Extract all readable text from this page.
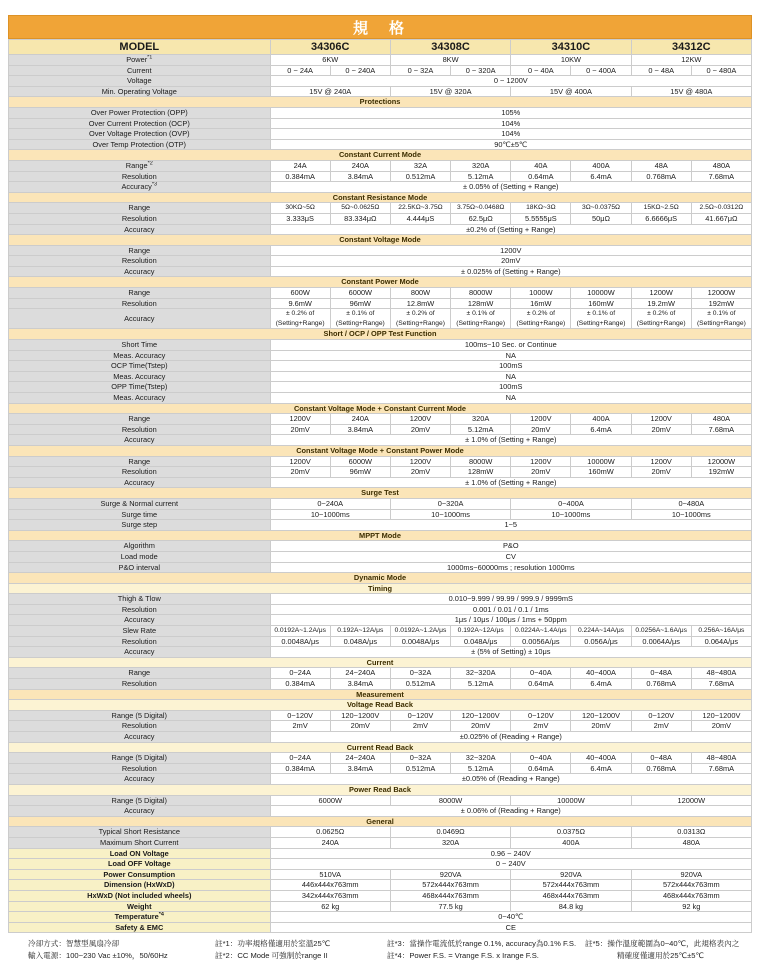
規　格
MODEL	34306C		34308C		34310C		34312C	
Power$^{*1}$	6KW		8KW		10KW		12KW	
Current	0 ~ 24A	0 ~ 240A	0 ~ 32A	0 ~ 320A	0 ~ 40A	0 ~ 400A	0 ~ 48A	0 ~ 480A
Voltage	0 ~ 1200V							
Min. Operating Voltage	15V @ 240A		15V @ 320A		15V @ 400A		15V @ 480A	
Protections								
Over Power Protection (OPP)	105%							
Over Current Protection (OCP)	104%							
Over Voltage Protection (OVP)	104%							
Over Temp Protection (OTP)	90℃±5℃							
Constant Current Mode								
Range$^{*2}$	24A	240A	32A	320A	40A	400A	48A	480A
Resolution	0.384mA	3.84mA	0.512mA	5.12mA	0.64mA	6.4mA	0.768mA	7.68mA
Accuracy$^{*3}$	± 0.05% of (Setting + Range)							
Constant Resistance Mode								
Range	30KΩ~5Ω	5Ω~0.0625Ω	22.5KΩ~3.75Ω	3.75Ω~0.0468Ω	18KΩ~3Ω	3Ω~0.0375Ω	15KΩ~2.5Ω	2.5Ω~0.0312Ω
Resolution	3.333μS	83.334μΩ	4.444μS	62.5μΩ	5.5555μS	50μΩ	6.6666μS	41.667μΩ
Accuracy	±0.2% of (Setting + Range)							
Constant Voltage Mode								
Range	1200V							
Resolution	20mV							
Accuracy	± 0.025% of (Setting + Range)							
Constant Power Mode								
Range	600W	6000W	800W	8000W	1000W	10000W	1200W	12000W
Resolution	9.6mW	96mW	12.8mW	128mW	16mW	160mW	19.2mW	192mW
Accuracy	± 0.2% of
(Setting+Range)	± 0.1% of
(Setting+Range)	± 0.2% of
(Setting+Range)	± 0.1% of
(Setting+Range)	± 0.2% of
(Setting+Range)	± 0.1% of
(Setting+Range)	± 0.2% of
(Setting+Range)	± 0.1% of
(Setting+Range)
Short / OCP / OPP Test Function								
Short Time	100ms~10 Sec. or Continue							
Meas. Accuracy	NA							
OCP Time(Tstep)	100mS							
Meas. Accuracy	NA							
OPP Time(Tstep)	100mS							
Meas. Accuracy	NA							
Constant Voltage Mode + Constant Current Mode								
Range	1200V	240A	1200V	320A	1200V	400A	1200V	480A
Resolution	20mV	3.84mA	20mV	5.12mA	20mV	6.4mA	20mV	7.68mA
Accuracy	± 1.0% of (Setting + Range)							
Constant Voltage Mode + Constant Power Mode								
Range	1200V	6000W	1200V	8000W	1200V	10000W	1200V	12000W
Resolution	20mV	96mW	20mV	128mW	20mV	160mW	20mV	192mW
Accuracy	± 1.0% of (Setting + Range)							
Surge Test								
Surge & Normal current	0~240A		0~320A		0~400A		0~480A	
Surge time	10~1000ms		10~1000ms		10~1000ms		10~1000ms	
Surge step	1~5							
MPPT Mode								
Algorithm	P&O							
Load mode	CV							
P&O interval	1000ms~60000ms ; resolution 1000ms							
Dynamic Mode								
Timing								
Thigh & Tlow	0.010~9.999 / 99.99 / 999.9 / 9999mS							
Resolution	0.001 / 0.01 / 0.1 / 1ms							
Accuracy	1μs / 10μs / 100μs / 1ms + 50ppm							
Slew Rate	0.0192A~1.2A/μs	0.192A~12A/μs	0.0192A~1.2A/μs	0.192A~12A/μs	0.0224A~1.4A/μs	0.224A~14A/μs	0.0256A~1.6A/μs	0.256A~16A/μs
Resolution	0.0048A/μs	0.048A/μs	0.0048A/μs	0.048A/μs	0.0056A/μs	0.056A/μs	0.0064A/μs	0.064A/μs
Accuracy	± (5% of Setting) ± 10μs							
Current								
Range	0~24A	24~240A	0~32A	32~320A	0~40A	40~400A	0~48A	48~480A
Resolution	0.384mA	3.84mA	0.512mA	5.12mA	0.64mA	6.4mA	0.768mA	7.68mA
Measurement								
Voltage Read Back								
Range (5 Digital)	0~120V	120~1200V	0~120V	120~1200V	0~120V	120~1200V	0~120V	120~1200V
Resolution	2mV	20mV	2mV	20mV	2mV	20mV	2mV	20mV
Accuracy	±0.025% of (Reading + Range)							
Current Read Back								
Range (5 Digital)	0~24A	24~240A	0~32A	32~320A	0~40A	40~400A	0~48A	48~480A
Resolution	0.384mA	3.84mA	0.512mA	5.12mA	0.64mA	6.4mA	0.768mA	7.68mA
Accuracy	±0.05% of (Reading + Range)							
Power Read Back								
Range (5 Digital)	6000W		8000W		10000W		12000W	
Accuracy	± 0.06% of (Reading + Range)							
General								
Typical Short Resistance	0.0625Ω		0.0469Ω		0.0375Ω		0.0313Ω	
Maximum Short Current	240A		320A		400A		480A	
Load ON Voltage	0.96 ~ 240V							
Load OFF Voltage	0 ~ 240V							
Power Consumption	510VA		920VA		920VA		920VA	
Dimension (HxWxD)	446x444x763mm		572x444x763mm		572x444x763mm		572x444x763mm	
HxWxD (Not included wheels)	342x444x763mm		468x444x763mm		468x444x763mm		468x444x763mm	
Weight	62 kg		77.5 kg		84.8 kg		92 kg	
Temperature$^{*4}$	0~40℃							
Safety & EMC	CE							
冷卻方式：智慧型風扇冷卻
輸入電源：100~230 Vac ±10%，50/60Hz
註*1：功率規格僅適用於室溫25℃
註*2：CC Mode 可強制於range II
註*3：當操作電流低於range 0.1%, accuracy為0.1% F.S.
註*4：Power F.S. = Vrange F.S. x Irange F.S.
註*5：操作溫度範圍為0~40℃，此規格表內之
精確度僅適用於25℃±5℃
